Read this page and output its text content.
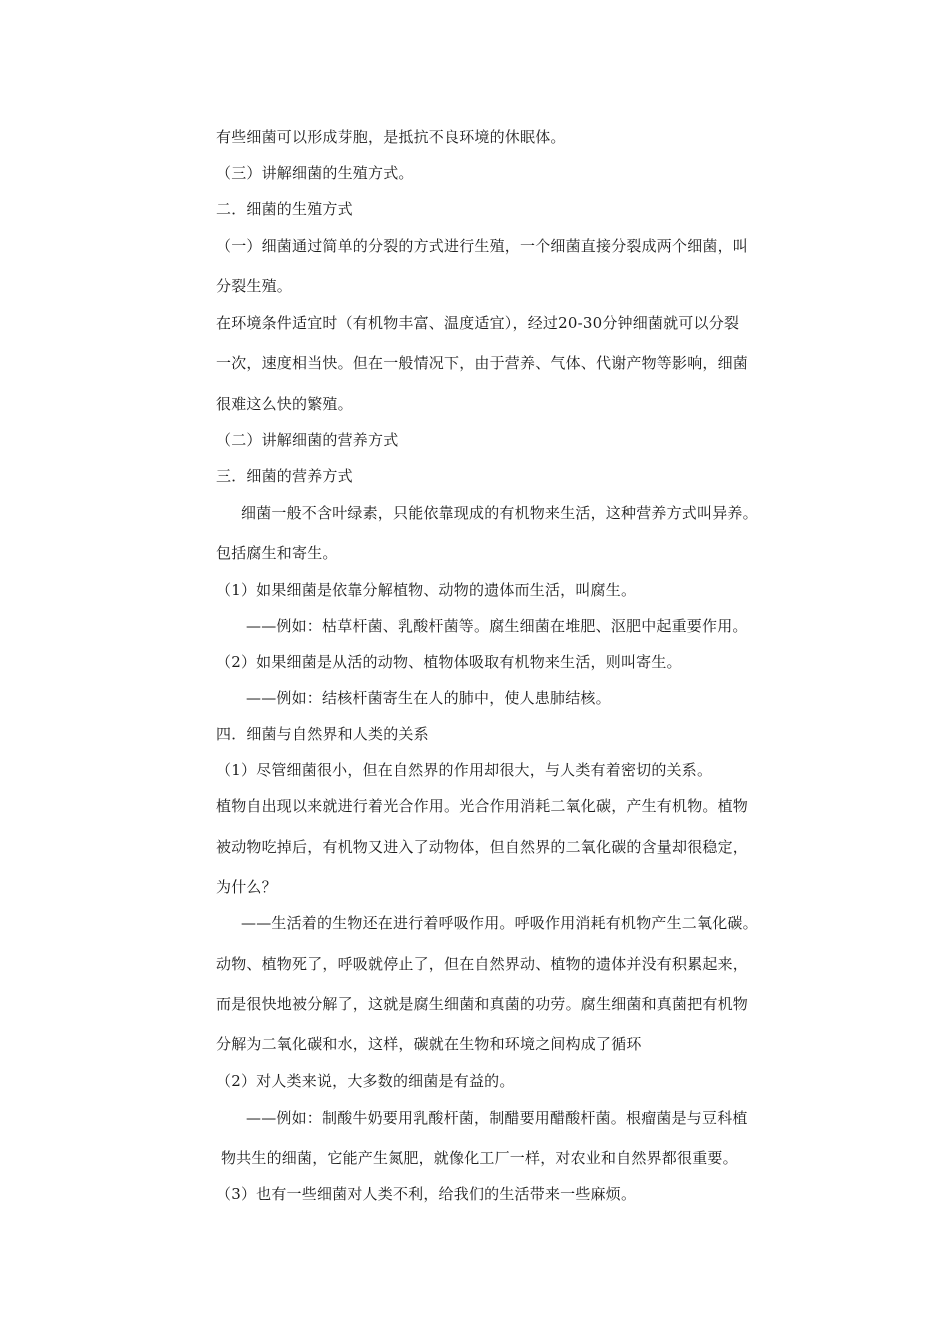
有些细菌可以形成芽胞，是抵抗不良环境的休眠体。
（三）讲解细菌的生殖方式。
二．细菌的生殖方式
（一）细菌通过简单的分裂的方式进行生殖，一个细菌直接分裂成两个细菌，叫
分裂生殖。
在环境条件适宜时（有机物丰富、温度适宜），经过20-30分钟细菌就可以分裂
一次，速度相当快。但在一般情况下，由于营养、气体、代谢产物等影响，细菌
很难这么快的繁殖。
（二）讲解细菌的营养方式
三．细菌的营养方式
细菌一般不含叶绿素，只能依靠现成的有机物来生活，这种营养方式叫异养。
包括腐生和寄生。
（1）如果细菌是依靠分解植物、动物的遗体而生活，叫腐生。
——例如：枯草杆菌、乳酸杆菌等。腐生细菌在堆肥、沤肥中起重要作用。
（2）如果细菌是从活的动物、植物体吸取有机物来生活，则叫寄生。
——例如：结核杆菌寄生在人的肺中，使人患肺结核。
四．细菌与自然界和人类的关系
（1）尽管细菌很小，但在自然界的作用却很大，与人类有着密切的关系。
植物自出现以来就进行着光合作用。光合作用消耗二氧化碳，产生有机物。植物
被动物吃掉后，有机物又进入了动物体，但自然界的二氧化碳的含量却很稳定，
为什么？
——生活着的生物还在进行着呼吸作用。呼吸作用消耗有机物产生二氧化碳。
动物、植物死了，呼吸就停止了，但在自然界动、植物的遗体并没有积累起来，
而是很快地被分解了，这就是腐生细菌和真菌的功劳。腐生细菌和真菌把有机物
分解为二氧化碳和水，这样，碳就在生物和环境之间构成了循环
（2）对人类来说，大多数的细菌是有益的。
——例如：制酸牛奶要用乳酸杆菌，制醋要用醋酸杆菌。根瘤菌是与豆科植
物共生的细菌，它能产生氮肥，就像化工厂一样，对农业和自然界都很重要。
（3）也有一些细菌对人类不利，给我们的生活带来一些麻烦。
